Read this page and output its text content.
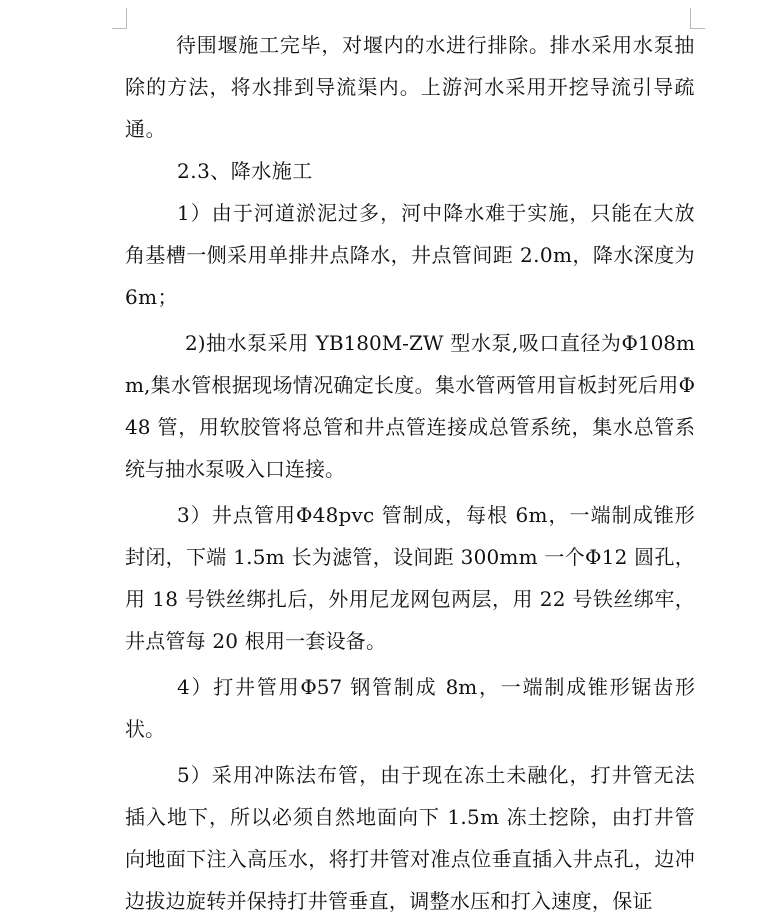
待围堰施工完毕，对堰内的水进行排除。排水采用水泵抽除的方法，将水排到导流渠内。上游河水采用开挖导流引导疏通。

2.3、降水施工

1）由于河道淤泥过多，河中降水难于实施，只能在大放角基槽一侧采用单排井点降水，井点管间距 2.0m，降水深度为 6m；

2)抽水泵采用 YB180M-ZW 型水泵,吸口直径为Φ108mm,集水管根据现场情况确定长度。集水管两管用盲板封死后用Φ48 管，用软胶管将总管和井点管连接成总管系统，集水总管系统与抽水泵吸入口连接。

3）井点管用Φ48pvc 管制成，每根 6m，一端制成锥形封闭，下端 1.5m 长为滤管，设间距 300mm 一个Φ12 圆孔，用 18 号铁丝绑扎后，外用尼龙网包两层，用 22 号铁丝绑牢，井点管每 20 根用一套设备。

4）打井管用Φ57 钢管制成 8m，一端制成锥形锯齿形状。

5）采用冲陈法布管，由于现在冻土未融化，打井管无法插入地下，所以必须自然地面向下 1.5m 冻土挖除，由打井管向地面下注入高压水，将打井管对准点位垂直插入井点孔，边冲边拔边旋转并保持打井管垂直，调整水压和打入速度，保证
